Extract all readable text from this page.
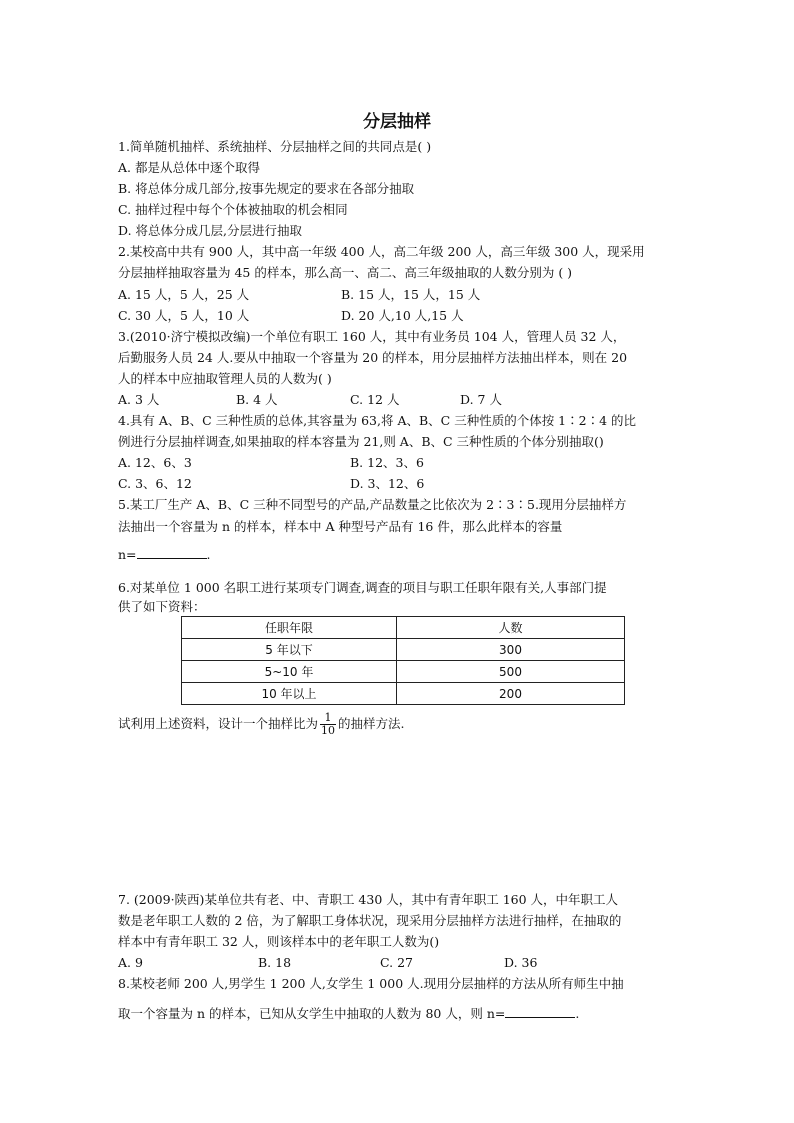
分层抽样
1.简单随机抽样、系统抽样、分层抽样之间的共同点是( )
A. 都是从总体中逐个取得
B. 将总体分成几部分,按事先规定的要求在各部分抽取
C. 抽样过程中每个个体被抽取的机会相同
D. 将总体分成几层,分层进行抽取
2.某校高中共有 900 人，其中高一年级 400 人，高二年级 200 人，高三年级 300 人，现采用
分层抽样抽取容量为 45 的样本，那么高一、高二、高三年级抽取的人数分别为 ( )
A. 15 人，5 人，25 人	B. 15 人，15 人，15 人
C. 30 人，5 人，10 人	D. 20 人,10 人,15 人
3.(2010·济宁模拟改编)一个单位有职工 160 人，其中有业务员 104 人，管理人员 32 人，
后勤服务人员 24 人.要从中抽取一个容量为 20 的样本，用分层抽样方法抽出样本，则在 20
人的样本中应抽取管理人员的人数为( )
A. 3 人	B. 4 人	C. 12 人	D. 7 人
4.具有 A、B、C 三种性质的总体,其容量为 63,将 A、B、C 三种性质的个体按 1∶2∶4 的比
例进行分层抽样调查,如果抽取的样本容量为 21,则 A、B、C 三种性质的个体分别抽取()
A. 12、6、3	B. 12、3、6
C. 3、6、12	D. 3、12、6
5.某工厂生产 A、B、C 三种不同型号的产品,产品数量之比依次为 2∶3∶5.现用分层抽样方
法抽出一个容量为 n 的样本，样本中 A 种型号产品有 16 件，那么此样本的容量
n=	.
6.对某单位 1 000 名职工进行某项专门调查,调查的项目与职工任职年限有关,人事部门提
供了如下资料：
任职年限	人数
5 年以下	300
5~10 年	500
10 年以上	200
试利用上述资料，设计一个抽样比为 $\frac{1}{10}$ 的抽样方法.
7. (2009·陕西)某单位共有老、中、青职工 430 人，其中有青年职工 160 人，中年职工人
数是老年职工人数的 2 倍，为了解职工身体状况，现采用分层抽样方法进行抽样，在抽取的
样本中有青年职工 32 人，则该样本中的老年职工人数为()
A. 9	B. 18	C. 27	D. 36
8.某校老师 200 人,男学生 1 200 人,女学生 1 000 人.现用分层抽样的方法从所有师生中抽
取一个容量为 n 的样本，已知从女学生中抽取的人数为 80 人，则 n=	.
